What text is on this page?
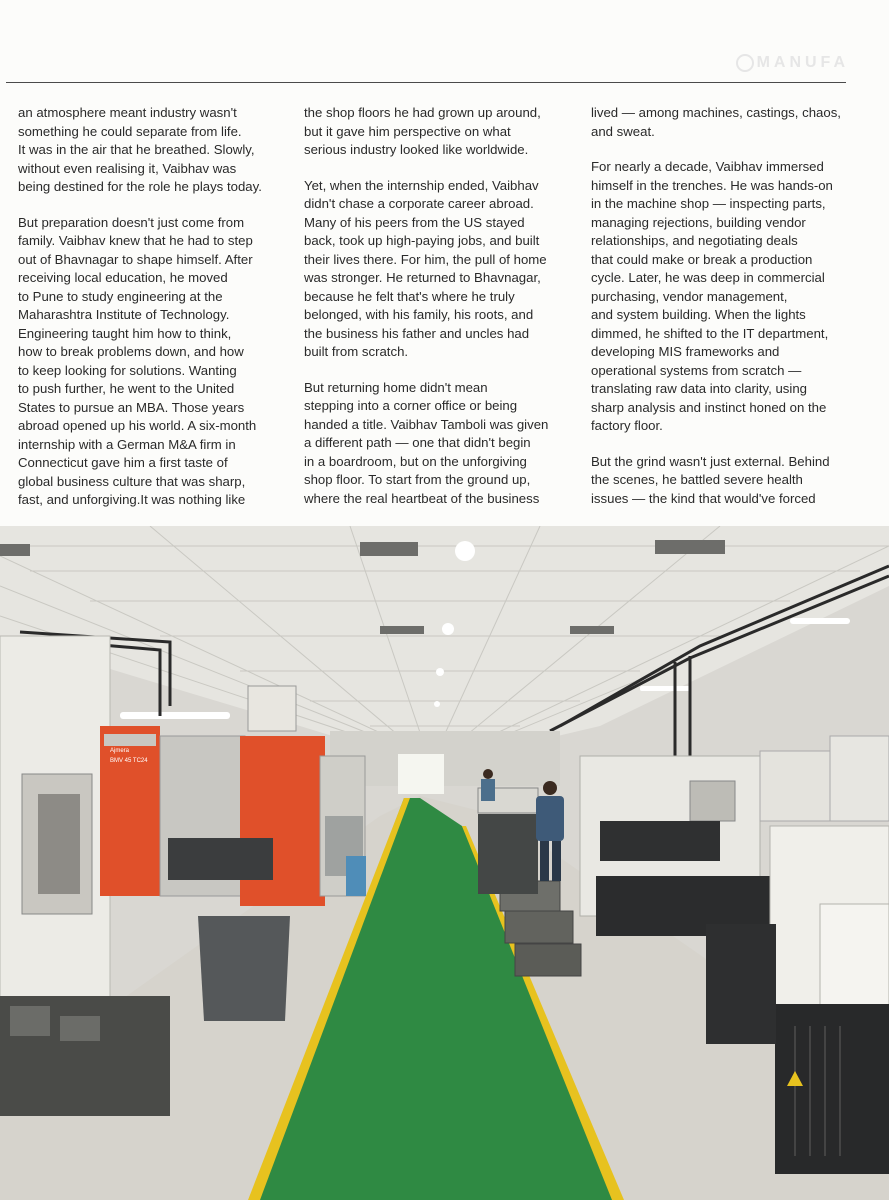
MANUFA

an atmosphere meant industry wasn't
something he could separate from life.
It was in the air that he breathed. Slowly,
without even realising it, Vaibhav was
being destined for the role he plays today.

But preparation doesn't just come from
family. Vaibhav knew that he had to step
out of Bhavnagar to shape himself. After
receiving local education, he moved
to Pune to study engineering at the
Maharashtra Institute of Technology.
Engineering taught him how to think,
how to break problems down, and how
to keep looking for solutions. Wanting
to push further, he went to the United
States to pursue an MBA. Those years
abroad opened up his world. A six-month
internship with a German M&A firm in
Connecticut gave him a first taste of
global business culture that was sharp,
fast, and unforgiving.It was nothing like

the shop floors he had grown up around,
but it gave him perspective on what
serious industry looked like worldwide.

Yet, when the internship ended, Vaibhav
didn't chase a corporate career abroad.
Many of his peers from the US stayed
back, took up high-paying jobs, and built
their lives there. For him, the pull of home
was stronger. He returned to Bhavnagar,
because he felt that's where he truly
belonged, with his family, his roots, and
the business his father and uncles had
built from scratch.

But returning home didn't mean
stepping into a corner office or being
handed a title. Vaibhav Tamboli was given
a different path — one that didn't begin
in a boardroom, but on the unforgiving
shop floor. To start from the ground up,
where the real heartbeat of the business

lived — among machines, castings, chaos,
and sweat.

For nearly a decade, Vaibhav immersed
himself in the trenches. He was hands-on
in the machine shop — inspecting parts,
managing rejections, building vendor
relationships, and negotiating deals
that could make or break a production
cycle. Later, he was deep in commercial
purchasing, vendor management,
and system building. When the lights
dimmed, he shifted to the IT department,
developing MIS frameworks and
operational systems from scratch —
translating raw data into clarity, using
sharp analysis and instinct honed on the
factory floor.

But the grind wasn't just external. Behind
the scenes, he battled severe health
issues — the kind that would've forced

Ajmera
BMV 45 TC24
